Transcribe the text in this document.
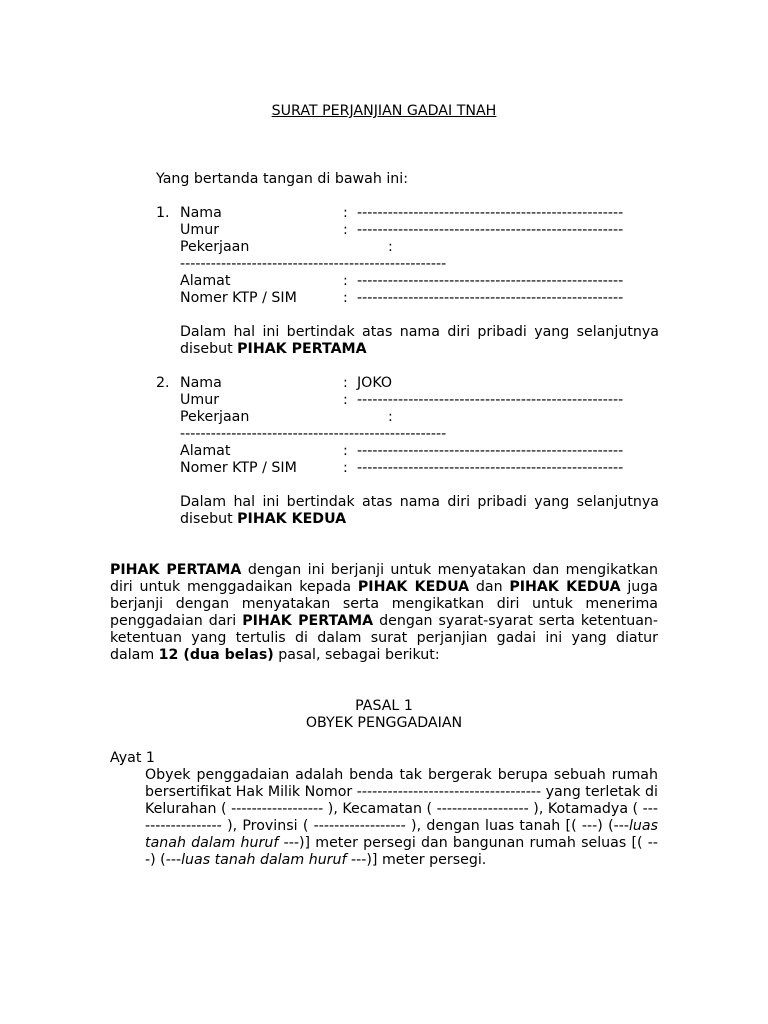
SURAT PERJANJIAN GADAI TNAH
Yang bertanda tangan di bawah ini:
1. Nama	: ----------------------------------------------------
Umur	: ----------------------------------------------------
Pekerjaan	:
----------------------------------------------------
Alamat	: ----------------------------------------------------
Nomer KTP / SIM	: ----------------------------------------------------
Dalam hal ini bertindak atas nama diri pribadi yang selanjutnya disebut PIHAK PERTAMA
2. Nama	: JOKO
Umur	: ----------------------------------------------------
Pekerjaan	:
----------------------------------------------------
Alamat	: ----------------------------------------------------
Nomer KTP / SIM	: ----------------------------------------------------
Dalam hal ini bertindak atas nama diri pribadi yang selanjutnya disebut PIHAK KEDUA
PIHAK PERTAMA dengan ini berjanji untuk menyatakan dan mengikatkan diri untuk menggadaikan kepada PIHAK KEDUA dan PIHAK KEDUA juga berjanji dengan menyatakan serta mengikatkan diri untuk menerima penggadaian dari PIHAK PERTAMA dengan syarat-syarat serta ketentuan-ketentuan yang tertulis di dalam surat perjanjian gadai ini yang diatur dalam 12 (dua belas) pasal, sebagai berikut:
PASAL 1
OBYEK PENGGADAIAN
Ayat 1
Obyek penggadaian adalah benda tak bergerak berupa sebuah rumah bersertifikat Hak Milik Nomor ------------------------------------ yang terletak di Kelurahan ( ------------------ ), Kecamatan ( ------------------ ), Kotamadya ( ------------------ ), Provinsi ( ------------------ ), dengan luas tanah [( ---) (---luas tanah dalam huruf ---)] meter persegi dan bangunan rumah seluas [( ---) (---luas tanah dalam huruf ---)] meter persegi.
